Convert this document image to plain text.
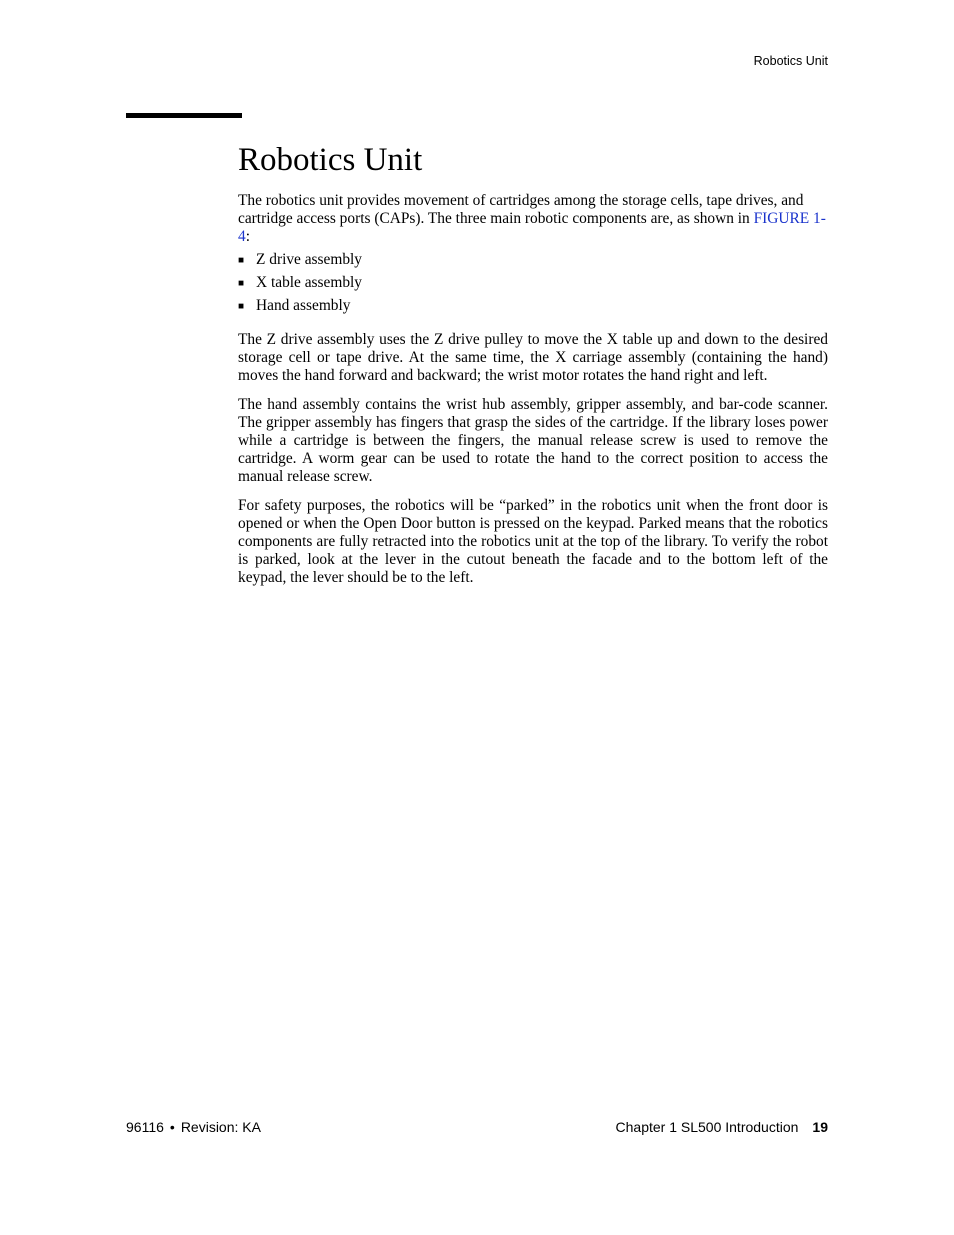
Robotics Unit
Robotics Unit

The robotics unit provides movement of cartridges among the storage cells, tape drives, and cartridge access ports (CAPs). The three main robotic components are, as shown in FIGURE 1-4:

■ Z drive assembly
■ X table assembly
■ Hand assembly

The Z drive assembly uses the Z drive pulley to move the X table up and down to the desired storage cell or tape drive. At the same time, the X carriage assembly (containing the hand) moves the hand forward and backward; the wrist motor rotates the hand right and left.

The hand assembly contains the wrist hub assembly, gripper assembly, and bar-code scanner. The gripper assembly has fingers that grasp the sides of the cartridge. If the library loses power while a cartridge is between the fingers, the manual release screw is used to remove the cartridge. A worm gear can be used to rotate the hand to the correct position to access the manual release screw.

For safety purposes, the robotics will be “parked” in the robotics unit when the front door is opened or when the Open Door button is pressed on the keypad. Parked means that the robotics components are fully retracted into the robotics unit at the top of the library. To verify the robot is parked, look at the lever in the cutout beneath the facade and to the bottom left of the keypad, the lever should be to the left.

96116 • Revision: KA	Chapter 1 SL500 Introduction 19
